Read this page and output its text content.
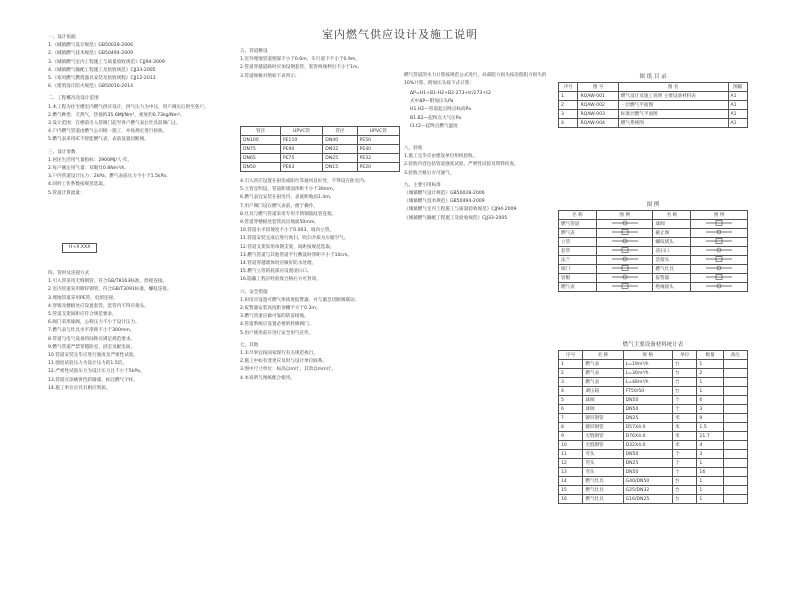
室内燃气供应设计及施工说明
一、设计依据
1.《城镇燃气设计规范》GB50028-2006
2.《城镇燃气技术规范》GB50494-2009
3.《城镇燃气室内工程施工与质量验收规范》CJJ94-2009
4.《城镇燃气输配工程施工及验收规范》CJJ33-2005
5.《家用燃气燃烧器具安装及验收规程》CJJ12-2013
6.《建筑设计防火规范》GB50016-2014
二、工程概况及设计范围
1.本工程为住宅楼室内燃气供应设计，供气压力为中压，用户调压后供至各户。
2.燃气种类：天然气，热值约35.6MJ/Nm³，密度约0.73kg/Nm³。
3.设计范围：自楼前引入管阀门起至各户燃气表后灶具前阀门止。
4.户内燃气管道由燃气公司统一施工，并按规定进行验收。
5.燃气表采用IC卡智能燃气表，表前设置切断阀。
三、设计参数
1.居民生活用气量指标：2900MJ/人·年。
2.每户额定用气量：双眼灶0.8Nm³/h。
3.户内管道设计压力：2kPa，燃气表前压力不小于1.5kPa。
4.同时工作系数按规范选取。
5.管道计算流量：
H+X.XXX
四、管材及连接方式
1.引入管采用无缝钢管，符合GB/T8163标准，焊接连接。
2.室内管道采用镀锌钢管，符合GB/T3091标准，螺纹连接。
3.埋地管道采用PE管，电熔连接。
4.穿墙及楼板处应设置套管，套管内不得有接头。
5.管道支架间距应符合规范要求。
6.阀门采用球阀，公称压力不小于设计压力。
7.燃气表与灶具水平净距不小于300mm。
8.管道与电气设备的间距应满足规范要求。
9.燃气管道严禁穿越卧室、浴室及配电间。
10.管道安装完毕应进行强度及严密性试验。
11.强度试验压力为设计压力的1.5倍。
12.严密性试验压力为设计压力且不小于5kPa。
13.管道应涂刷黄色防腐漆，标注燃气字样。
14.施工单位应具有相应资质。
五、管道敷设
1.室外埋地管道埋深不小于0.6m，车行道下不小于0.9m。
2.管道穿越道路时应加设钢套管，套管两端伸出不小于1m。
3.管道规格对照如下表所示：
管径	UPVC管	管径	UPVC管
DN100	PE110	DN40	PE50
DN75	PE90	DN32	PE40
DN65	PE75	DN25	PE32
DN50	PE63	DN15	PE20
4.引入管应设置在厨房或阳台等通风良好处，不得设在卧室内。
5.立管宜明设，管道距墙面净距不小于30mm。
6.燃气表宜安装在厨房内，表底距地面1.4m。
7.用户阀门设在燃气表前，便于操作。
8.灶具与燃气管道采用专用不锈钢波纹管连接。
9.管道穿楼板处套管高出地面50mm。
10.管道水平段坡度不小于0.003，坡向立管。
11.管道安装完成后进行吹扫，吹扫介质为压缩空气。
12.管道支架采用角钢支架，间距按规范选取。
13.燃气管道与其他管道平行敷设时净距不小于10cm。
14.管道穿越墙体时应做好防水处理。
15.燃气立管的底部应设置清扫口。
16.隐蔽工程应经验收合格后方可封闭。
六、安全措施
1.厨房应设置可燃气体浓度报警器，并与紧急切断阀联动。
2.报警器安装高度距顶棚不大于0.3m。
3.燃气管道应做可靠的防雷接地。
4.管道系统应设置必要的检修阀门。
5.用户使用前应进行安全用气宣传。
七、其他
1.未尽事宜按国家现行有关规范执行。
2.施工中如有变更应及时与设计单位联系。
3.图中尺寸单位：标高以m计，其余以mm计。
4.本说明与图纸配合使用。
燃气管道的水力计算按规范公式进行，局部阻力损失按沿程阻力损失的
10%计算，附加压头按下式计算：
ΔP=H1+B1-H2+B2-273+tr/273+t2
式中ΔP—附加压头Pa
H1.H2—管道起点终点标高Pa
B1.B2—起终点大气压Pa
t1.t2—起终点燃气温度
八、验收
1.施工完毕应由建设单位组织验收。
2.验收内容包括管道强度试验、严密性试验及资料检查。
3.验收合格后方可通气。
九、主要引用标准
《城镇燃气设计规范》GB50028-2006
《城镇燃气技术规范》GB50494-2009
《城镇燃气室内工程施工与质量验收规范》CJJ94-2009
《城镇燃气输配工程施工及验收规范》CJJ33-2005
图 纸 目 录
序号	图 号	图 名	图幅
1	RQAW-001	燃气设计及施工说明 主要设备材料表	A1
2	RQAW-002	一层燃气平面图	A1
3	RQAW-003	标准层燃气平面图	A1
4	RQAW-004	燃气系统图	A1
图 例
名 称	图 例	名 称	图 例
燃气管道		球阀	
燃气表		截止阀	
立管		螺纹堵头	
套管		清扫口	
法兰		活接头	
阀门		燃气灶具	
管帽		报警器	
燃气表		绝缘接头	
燃气主要设备材料统计表
序号	名 称	规 格	单位	数量	备注
1	燃气表	L=19m³/h	台	1	
2	燃气表	L=30m³/h	台	2	
3	燃气表	L=48m³/h	台	1	
4	调压箱	FT50/50	台	1	
5	球阀	DN50	个	6	
6	球阀	DN50	个	3	
7	镀锌钢管	DN25	米	9	
8	镀锌钢管	D57X4.0	米	1.5	
9	无缝钢管	D76X4.0	米	21.7	
10	无缝钢管	D32X4.0	米	4	
11	弯头	DN50	个	3	
12	弯头	DN25	个	1	
13	弯头	DN50	个	16	
14	燃气灶具	G40/DN50	台	1	
15	燃气灶具	G25/DN32	台	1	
16	燃气灶具	G16/DN25	台	1	
